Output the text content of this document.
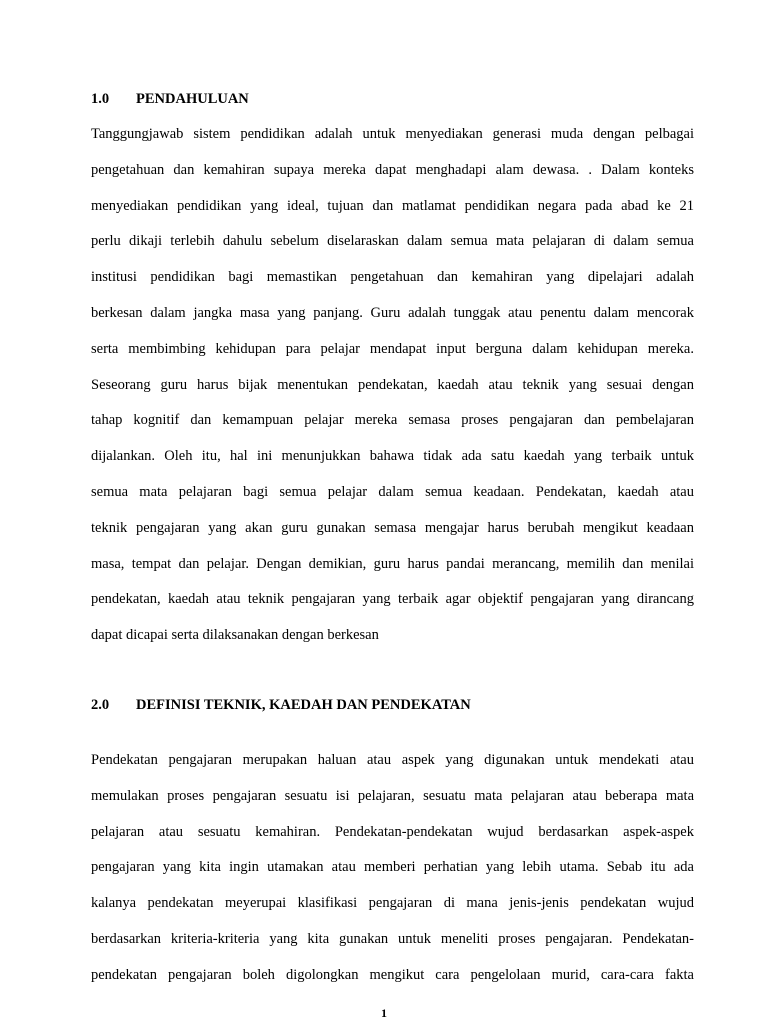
1.0 PENDAHULUAN
Tanggungjawab sistem pendidikan adalah untuk menyediakan generasi muda dengan pelbagai
pengetahuan dan kemahiran supaya mereka dapat menghadapi alam dewasa. . Dalam konteks
menyediakan pendidikan yang ideal, tujuan dan matlamat pendidikan negara pada abad ke 21
perlu dikaji terlebih dahulu sebelum diselaraskan dalam semua mata pelajaran di dalam semua
institusi pendidikan bagi memastikan pengetahuan dan kemahiran yang dipelajari adalah
berkesan dalam jangka masa yang panjang. Guru adalah tunggak atau penentu dalam mencorak
serta membimbing kehidupan para pelajar mendapat input berguna dalam kehidupan mereka.
Seseorang guru harus bijak menentukan pendekatan, kaedah atau teknik yang sesuai dengan
tahap kognitif dan kemampuan pelajar mereka semasa proses pengajaran dan pembelajaran
dijalankan. Oleh itu, hal ini menunjukkan bahawa tidak ada satu kaedah yang terbaik untuk
semua mata pelajaran bagi semua pelajar dalam semua keadaan. Pendekatan, kaedah atau
teknik pengajaran yang akan guru gunakan semasa mengajar harus berubah mengikut keadaan
masa, tempat dan pelajar. Dengan demikian, guru harus pandai merancang, memilih dan menilai
pendekatan, kaedah atau teknik pengajaran yang terbaik agar objektif pengajaran yang dirancang
dapat dicapai serta dilaksanakan dengan berkesan
2.0 DEFINISI TEKNIK, KAEDAH DAN PENDEKATAN
Pendekatan pengajaran merupakan haluan atau aspek yang digunakan untuk mendekati atau
memulakan proses pengajaran sesuatu isi pelajaran, sesuatu mata pelajaran atau beberapa mata
pelajaran atau sesuatu kemahiran. Pendekatan-pendekatan wujud berdasarkan aspek-aspek
pengajaran yang kita ingin utamakan atau memberi perhatian yang lebih utama. Sebab itu ada
kalanya pendekatan meyerupai klasifikasi pengajaran di mana jenis-jenis pendekatan wujud
berdasarkan kriteria-kriteria yang kita gunakan untuk meneliti proses pengajaran. Pendekatan-
pendekatan pengajaran boleh digolongkan mengikut cara pengelolaan murid, cara-cara fakta
1
